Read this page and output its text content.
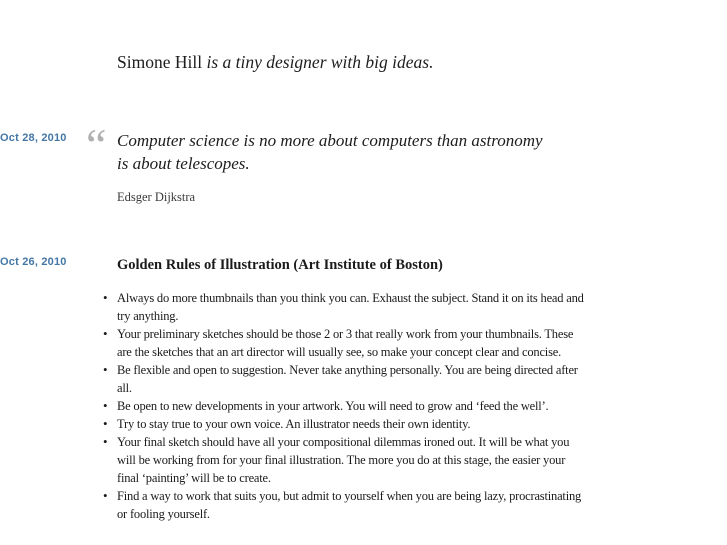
Simone Hill is a tiny designer with big ideas.
Oct 28, 2010 “ Computer science is no more about computers than astronomy is about telescopes.
Edsger Dijkstra
Oct 26, 2010	Golden Rules of Illustration (Art Institute of Boston)
• Always do more thumbnails than you think you can. Exhaust the subject. Stand it on its head and try anything.
• Your preliminary sketches should be those 2 or 3 that really work from your thumbnails. These are the sketches that an art director will usually see, so make your concept clear and concise.
• Be flexible and open to suggestion. Never take anything personally. You are being directed after all.
• Be open to new developments in your artwork. You will need to grow and ‘feed the well’.
• Try to stay true to your own voice. An illustrator needs their own identity.
• Your final sketch should have all your compositional dilemmas ironed out. It will be what you will be working from for your final illustration. The more you do at this stage, the easier your final ‘painting’ will be to create.
• Find a way to work that suits you, but admit to yourself when you are being lazy, procrastinating or fooling yourself.
